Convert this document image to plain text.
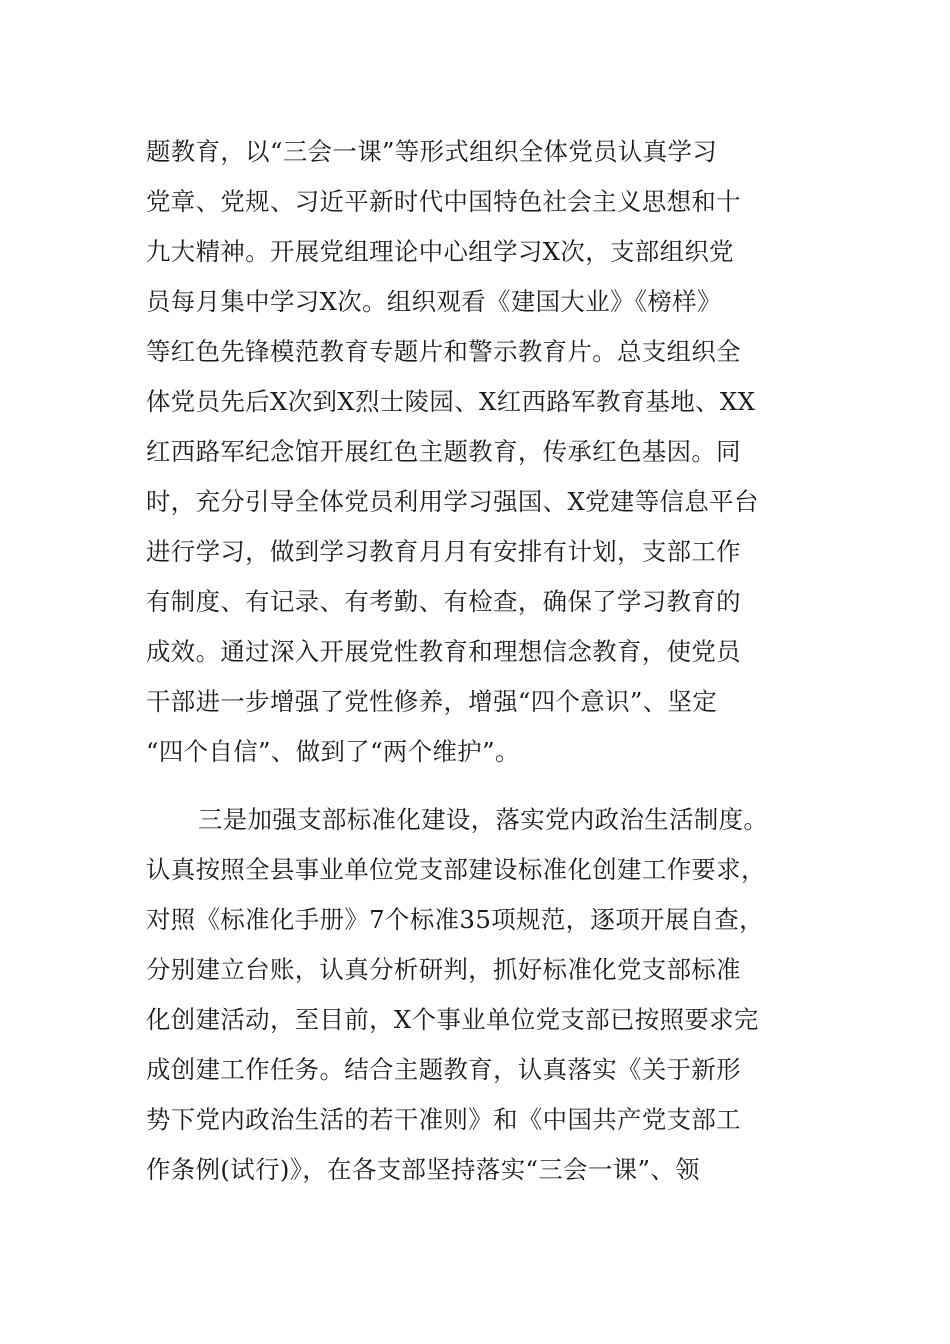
题教育，以“三会一课”等形式组织全体党员认真学习
党章、党规、习近平新时代中国特色社会主义思想和十
九大精神。开展党组理论中心组学习X次，支部组织党
员每月集中学习X次。组织观看《建国大业》《榜样》
等红色先锋模范教育专题片和警示教育片。总支组织全
体党员先后X次到X烈士陵园、X红西路军教育基地、XX
红西路军纪念馆开展红色主题教育，传承红色基因。同
时，充分引导全体党员利用学习强国、X党建等信息平台
进行学习，做到学习教育月月有安排有计划，支部工作
有制度、有记录、有考勤、有检查，确保了学习教育的
成效。通过深入开展党性教育和理想信念教育，使党员
干部进一步增强了党性修养，增强“四个意识”、坚定
“四个自信”、做到了“两个维护”。
三是加强支部标准化建设，落实党内政治生活制度。
认真按照全县事业单位党支部建设标准化创建工作要求，
对照《标准化手册》7个标准35项规范，逐项开展自查，
分别建立台账，认真分析研判，抓好标准化党支部标准
化创建活动，至目前，X个事业单位党支部已按照要求完
成创建工作任务。结合主题教育，认真落实《关于新形
势下党内政治生活的若干准则》和《中国共产党支部工
作条例(试行)》，在各支部坚持落实“三会一课”、领
